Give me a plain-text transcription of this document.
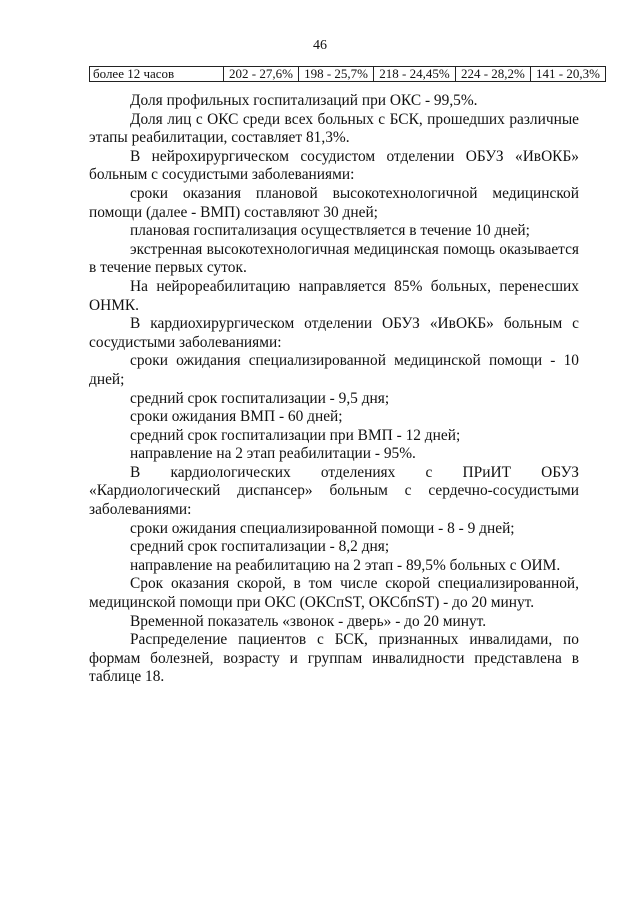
46
более 12 часов	202 - 27,6%	198 - 25,7%	218 - 24,45%	224 - 28,2%	141 - 20,3%

Доля профильных госпитализаций при ОКС - 99,5%.

Доля лиц с ОКС среди всех больных с БСК, прошедших различные этапы реабилитации, составляет 81,3%.

В нейрохирургическом сосудистом отделении ОБУЗ «ИвОКБ» больным с сосудистыми заболеваниями:

сроки оказания плановой высокотехнологичной медицинской помощи (далее - ВМП) составляют 30 дней;

плановая госпитализация осуществляется в течение 10 дней;

экстренная высокотехнологичная медицинская помощь оказывается в течение первых суток.

На нейрореабилитацию направляется 85% больных, перенесших ОНМК.

В кардиохирургическом отделении ОБУЗ «ИвОКБ» больным с сосудистыми заболеваниями:

сроки ожидания специализированной медицинской помощи - 10 дней;

средний срок госпитализации - 9,5 дня;

сроки ожидания ВМП - 60 дней;

средний срок госпитализации при ВМП - 12 дней;

направление на 2 этап реабилитации - 95%.

В кардиологических отделениях с ПРиИТ ОБУЗ «Кардиологический диспансер» больным с сердечно-сосудистыми заболеваниями:

сроки ожидания специализированной помощи - 8 - 9 дней;

средний срок госпитализации - 8,2 дня;

направление на реабилитацию на 2 этап - 89,5% больных с ОИМ.

Срок оказания скорой, в том числе скорой специализированной, медицинской помощи при ОКС (ОКСпST, ОКСбпST) - до 20 минут.

Временной показатель «звонок - дверь» - до 20 минут.

Распределение пациентов с БСК, признанных инвалидами, по формам болезней, возрасту и группам инвалидности представлена в таблице 18.
